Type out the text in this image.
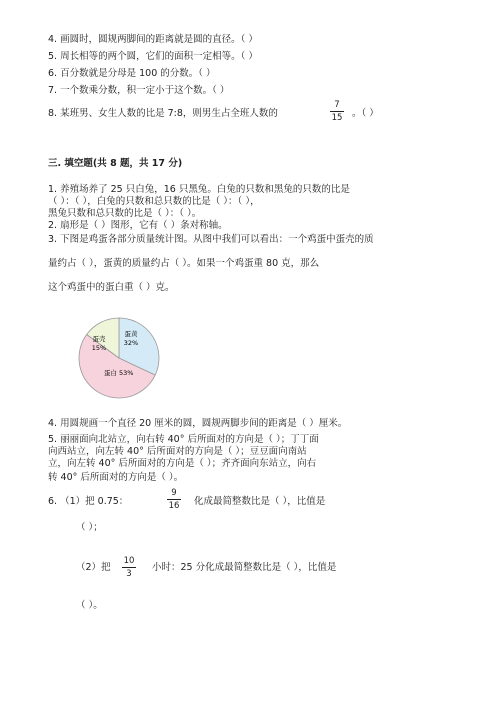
4. 画圆时，圆规两脚间的距离就是圆的直径。（ ）
5. 周长相等的两个圆，它们的面积一定相等。（ ）
6. 百分数就是分母是 100 的分数。（ ）
7. 一个数乘分数，积一定小于这个数。（ ）
8. 某班男、女生人数的比是 7:8，则男生占全班人数的
7
15 。（ ）
三. 填空题(共 8 题，共 17 分)
1. 养殖场养了 25 只白兔，16 只黑兔。白兔的只数和黑兔的只数的比是
（ ）：（ ），白兔的只数和总只数的比是（ ）：（ ），
黑兔只数和总只数的比是（ ）：（ ）。
2. 扇形是（ ）图形，它有（ ）条对称轴。
3. 下图是鸡蛋各部分质量统计图。从图中我们可以看出：一个鸡蛋中蛋壳的质
量约占（ ），蛋黄的质量约占（ ）。如果一个鸡蛋重 80 克，那么
这个鸡蛋中的蛋白重（ ）克。
蛋壳
15%
蛋黄
32%
蛋白 53%
4. 用圆规画一个直径 20 厘米的圆，圆规两脚步间的距离是（ ）厘米。
5. 丽丽面向北站立，向右转 40° 后所面对的方向是（ ）；丁丁面
向西站立，向左转 40° 后所面对的方向是（ ）；豆豆面向南站
立，向左转 40° 后所面对的方向是（ ）；齐齐面向东站立，向右
转 40° 后所面对的方向是（ ）。
6. （1）把 0.75：
9
16 化成最简整数比是（ ），比值是
（ ）；
（2）把
10
3
小时：25 分化成最简整数比是（ ），比值是
（ ）。
